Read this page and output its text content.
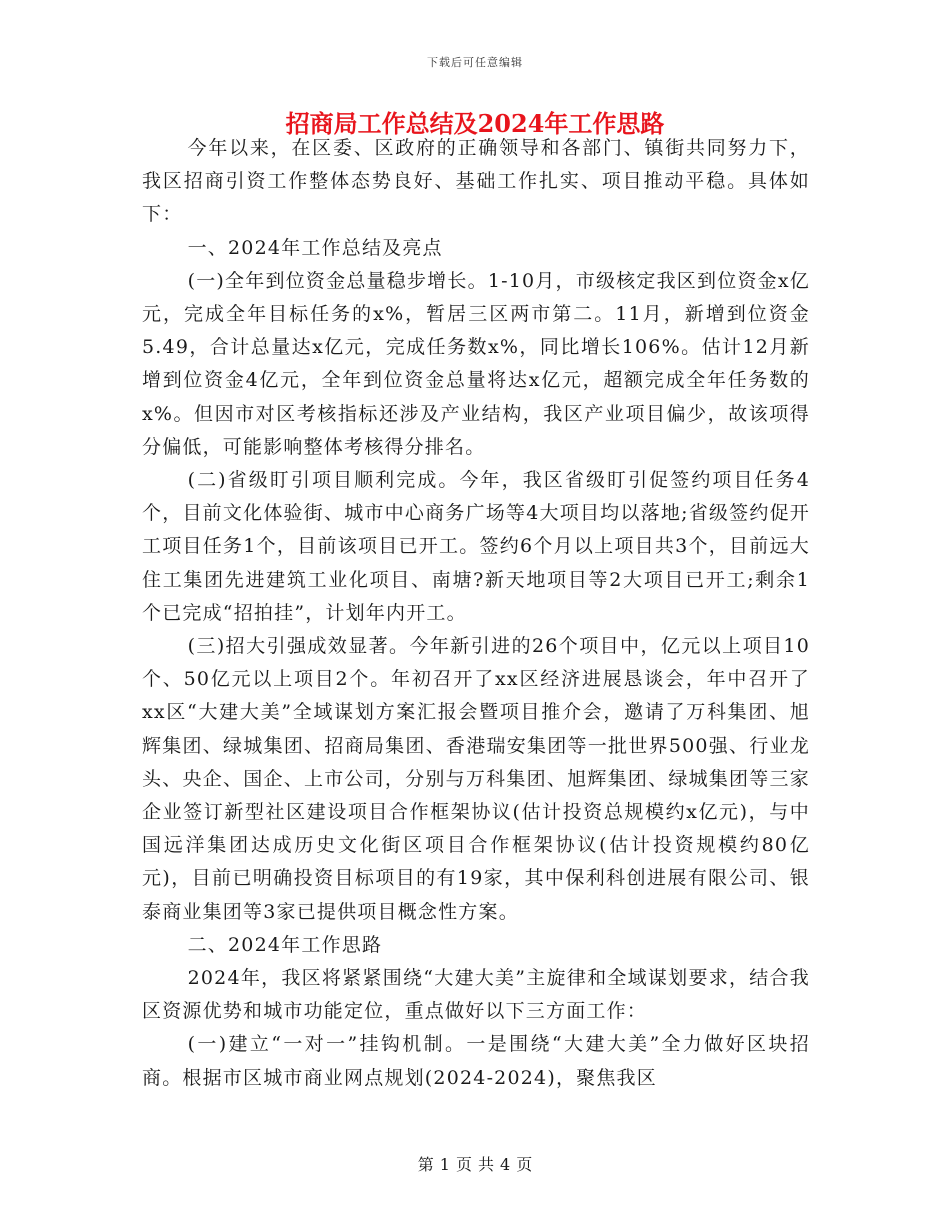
下载后可任意编辑
招商局工作总结及2024年工作思路

今年以来，在区委、区政府的正确领导和各部门、镇街共同努力下，我区招商引资工作整体态势良好、基础工作扎实、项目推动平稳。具体如下：

一、2024年工作总结及亮点

(一)全年到位资金总量稳步增长。1-10月，市级核定我区到位资金x亿元，完成全年目标任务的x%，暂居三区两市第二。11月，新增到位资金5.49，合计总量达x亿元，完成任务数x%，同比增长106%。估计12月新增到位资金4亿元，全年到位资金总量将达x亿元，超额完成全年任务数的x%。但因市对区考核指标还涉及产业结构，我区产业项目偏少，故该项得分偏低，可能影响整体考核得分排名。

(二)省级盯引项目顺利完成。今年，我区省级盯引促签约项目任务4个，目前文化体验街、城市中心商务广场等4大项目均以落地;省级签约促开工项目任务1个，目前该项目已开工。签约6个月以上项目共3个，目前远大住工集团先进建筑工业化项目、南塘?新天地项目等2大项目已开工;剩余1个已完成“招拍挂”，计划年内开工。

(三)招大引强成效显著。今年新引进的26个项目中，亿元以上项目10个、50亿元以上项目2个。年初召开了xx区经济进展恳谈会，年中召开了xx区“大建大美”全域谋划方案汇报会暨项目推介会，邀请了万科集团、旭辉集团、绿城集团、招商局集团、香港瑞安集团等一批世界500强、行业龙头、央企、国企、上市公司，分别与万科集团、旭辉集团、绿城集团等三家企业签订新型社区建设项目合作框架协议(估计投资总规模约x亿元)，与中国远洋集团达成历史文化街区项目合作框架协议(估计投资规模约80亿元)，目前已明确投资目标项目的有19家，其中保利科创进展有限公司、银泰商业集团等3家已提供项目概念性方案。

二、2024年工作思路

2024年，我区将紧紧围绕“大建大美”主旋律和全域谋划要求，结合我区资源优势和城市功能定位，重点做好以下三方面工作：

(一)建立“一对一”挂钩机制。一是围绕“大建大美”全力做好区块招商。根据市区城市商业网点规划(2024-2024)，聚焦我区

第 1 页 共 4 页
